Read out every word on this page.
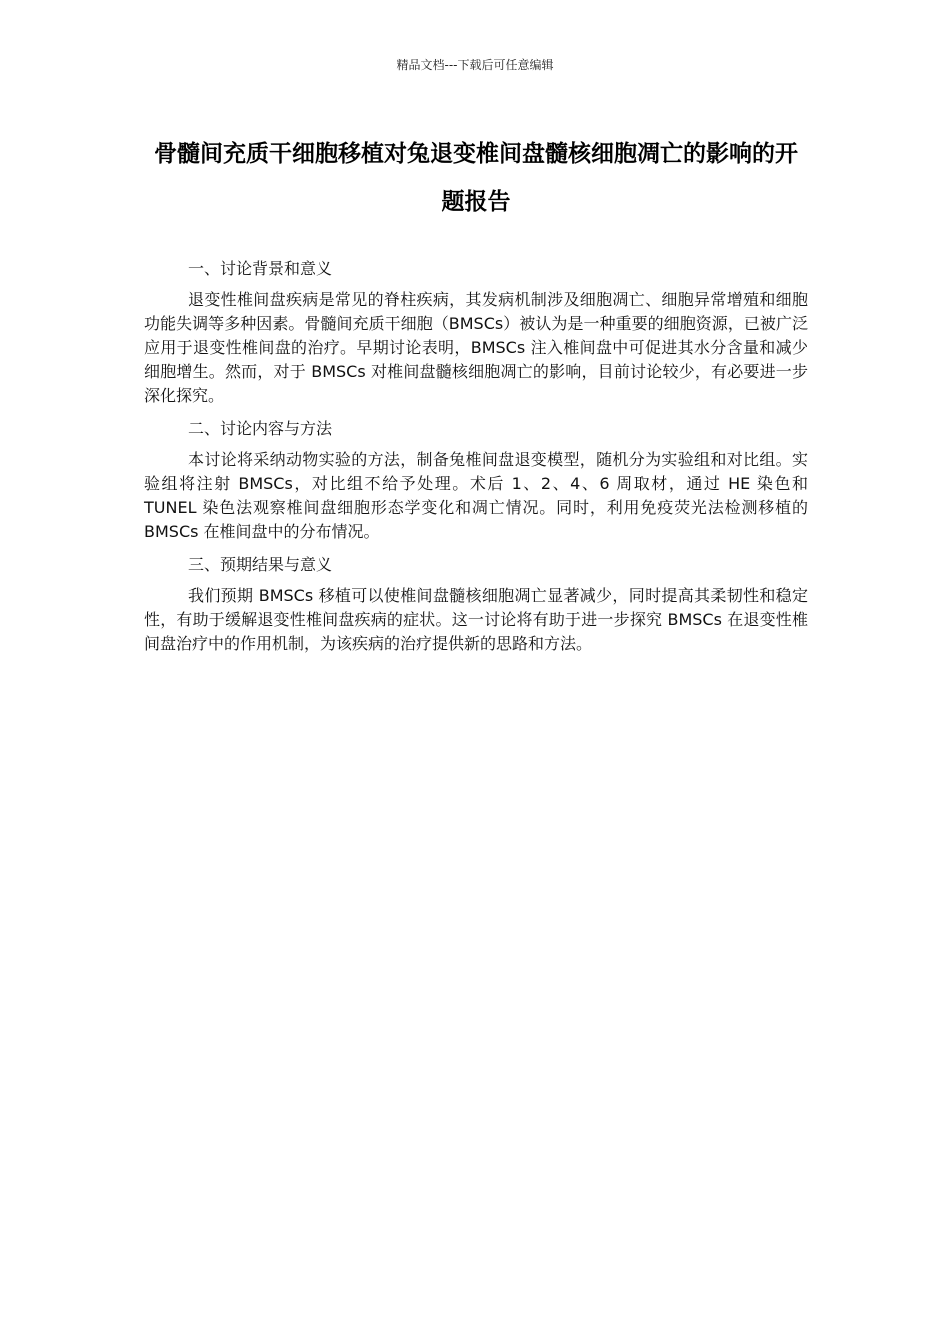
精品文档---下载后可任意编辑
骨髓间充质干细胞移植对兔退变椎间盘髓核细胞凋亡的影响的开题报告

一、讨论背景和意义

退变性椎间盘疾病是常见的脊柱疾病，其发病机制涉及细胞凋亡、细胞异常增殖和细胞功能失调等多种因素。骨髓间充质干细胞（BMSCs）被认为是一种重要的细胞资源，已被广泛应用于退变性椎间盘的治疗。早期讨论表明，BMSCs 注入椎间盘中可促进其水分含量和减少细胞增生。然而，对于 BMSCs 对椎间盘髓核细胞凋亡的影响，目前讨论较少，有必要进一步深化探究。

二、讨论内容与方法

本讨论将采纳动物实验的方法，制备兔椎间盘退变模型，随机分为实验组和对比组。实验组将注射 BMSCs，对比组不给予处理。术后 1、2、4、6 周取材，通过 HE 染色和 TUNEL 染色法观察椎间盘细胞形态学变化和凋亡情况。同时，利用免疫荧光法检测移植的 BMSCs 在椎间盘中的分布情况。

三、预期结果与意义

我们预期 BMSCs 移植可以使椎间盘髓核细胞凋亡显著减少，同时提高其柔韧性和稳定性，有助于缓解退变性椎间盘疾病的症状。这一讨论将有助于进一步探究 BMSCs 在退变性椎间盘治疗中的作用机制，为该疾病的治疗提供新的思路和方法。
